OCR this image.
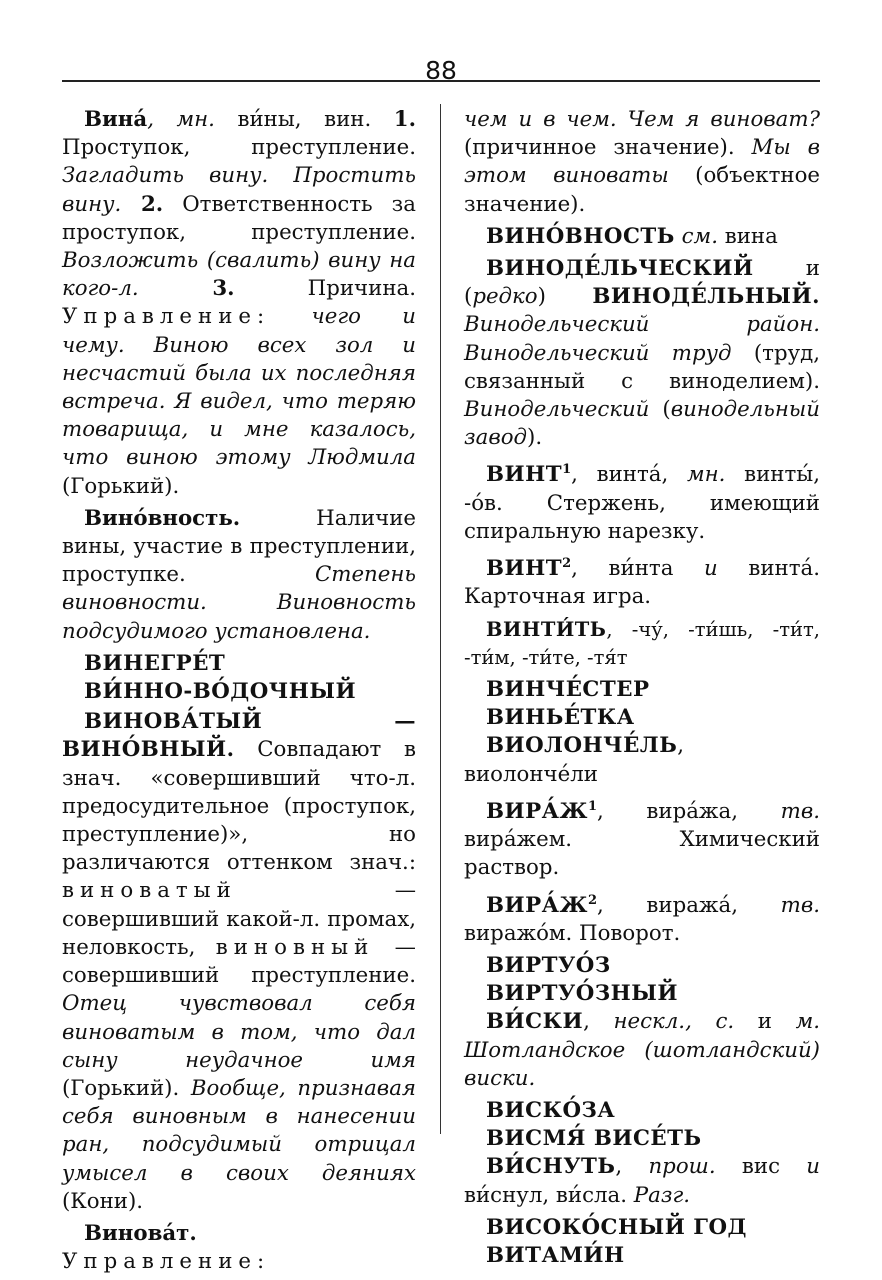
88

Вина́, мн. ви́ны, вин. 1. Проступок, преступление. Загладить вину. Простить вину. 2. Ответственность за проступок, преступление. Возложить (свалить) вину на кого-л. 3. Причина. Управление: чего и чему. Виною всех зол и несчастий была их последняя встреча. Я видел, что теряю товарища, и мне казалось, что виною этому Людмила (Горький).

Вино́вность. Наличие вины, участие в преступлении, проступке. Степень виновности. Виновность подсудимого установлена.

ВИНЕГРЕ́Т
ВИ́ННО-ВО́ДОЧНЫЙ

ВИНОВА́ТЫЙ — ВИНО́ВНЫЙ. Совпадают в знач. «совершивший что-л. предосудительное (проступок, преступление)», но различаются оттенком знач.: виноватый — совершивший какой-л. промах, неловкость, виновный — совершивший преступление. Отец чувствовал себя виноватым в том, что дал сыну неудачное имя (Горький). Вообще, признавая себя виновным в нанесении ран, подсудимый отрицал умысел в своих деяниях (Кони).

Винова́т. Управление:

чем и в чем. Чем я виноват? (причинное значение). Мы в этом виноваты (объектное значение).

ВИНО́ВНОСТЬ см. вина

ВИНОДЕ́ЛЬЧЕСКИЙ и (редко) ВИНОДЕ́ЛЬНЫЙ. Винодельческий район. Винодельческий труд (труд, связанный с виноделием). Винодельческий (винодельный завод).

ВИНТ$^1$, винта́, мн. винты́, -о́в. Стержень, имеющий спиральную нарезку.

ВИНТ$^2$, ви́нта и винта́. Карточная игра.

ВИНТИ́ТЬ, -чу́, -ти́шь, -ти́т, -ти́м, -ти́те, -тя́т

ВИНЧЕ́СТЕР
ВИНЬЕ́ТКА

ВИОЛОНЧЕ́ЛЬ, виолонче́ли

$ВИРА́Ж^1$, вира́жа, тв. вира́жем. Химический раствор.

$ВИРА́Ж^2$, виража́, тв. виражо́м. Поворот.

ВИРТУО́З
ВИРТУО́ЗНЫЙ

ВИ́СКИ, нескл., с. и м. Шотландское (шотландский) виски.

ВИСКО́ЗА
ВИСМЯ́ ВИСЕ́ТЬ

ВИ́СНУТЬ, прош. вис и ви́снул, ви́сла. Разг.

ВИСОКО́СНЫЙ ГОД
ВИТАМИ́Н
